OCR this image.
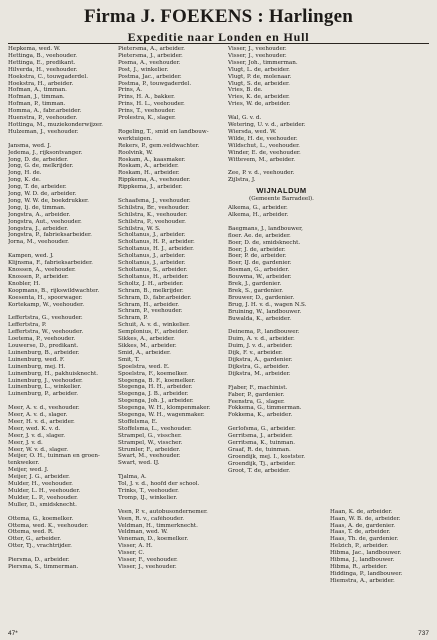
Firma J. FOEKENS : Harlingen
Expeditie naar Londen en Hull
Hepkema, wed. W.
Hettinga, B., veehouder.
Hettinga, E., predikant.
Hilverda, H., veehouder.
Hoekstra, C., touwgaderdel.
Hoekstra, H., arbeider.
Hofman, A., timman.
Hofman, J., timman.
Hofman, P., timman.
Homma, A., fabr.arbeider.
Huenstra, P., veehouder.
Hottinga, M., muziekonderwijzer.
Hulzeman, J., veehouder.
Jansma, wed. J.
Jedema, J., rijksontvanger.
Jong, D. de, arbeider.
Jong, G. de, melkrijder.
Jong, H. de.
Jong, K. de.
Jong, T. de, arbeider.
Jong, W. D. de, arbeider.
Jong, W. W. de, boekdrukker.
Jong, Ij. de, timman.
Jongstra, A., arbeider.
Jongstra, Aut., veehouder.
Jongstra, J., arbeider.
Jongstra, P., fabrieksarbeider.
Jorna, M., veehouder.
Kampen, wed. J.
Klijnsma, F., fabrieksarbeider.
Knossen, A., veehouder.
Knossen, P., arbeider.
Knobler, H.
Koopmans, B., rijkswildwachter.
Koesenta, H., spoorwager.
Kortekamp, W., veehouder.
Leffertstra, G., veehouder.
Leffertstra, P.
Leffertstra, W., veehouder.
Loetema, P., veehouder.
Louwerse, D., predikant.
Luinenburg, B., arbeider.
Luinenburg, wed. F.
Luinenburg, mej. H.
Luinenburg, H., pakhuisknecht.
Luinenburg, J., veehouder.
Luinenburg, L., winkelier.
Luinenburg, P., arbeider.
Meer, A. v. d., veehouder.
Meer, A. v. d., slager.
Meer, H. v. d., arbeider.
Meer, wed. K. v. d.
Meer, J. v. d., slager.
Meer, J. v. d.
Meer, W. v. d., slager.
Meijer, O. H., tuinman en groen-
tenkweker.
Meijer, wed. J.
Meijer, J. G., arbeider.
Mulder, H., veehouder.
Mulder, L. H., veehouder.
Mulder, L. P., veehouder.
Muller, D., smidsknecht.
Ottema, G., koemelker.
Ottema, wed. K., veehouder.
Ottema, wed. R.
Otter, G., arbeider.
Otter, Tj., vrachtrijder.
Piersma, D., arbeider.
Piersma, S., timmerman.
Pietersma, A., arbeider.
Pietersma, J., arbeider.
Posma, A., veehouder.
Post, J., winkelier.
Postma, Jac., arbeider.
Postma, P., touwgaderdel.
Prins, A.
Prins, H. A., bakker.
Prins, H. L., veehouder.
Prins, T., veehouder.
Prolestra, K., slager.
Rogeling, T., smid en landbouw-
werktuigen.
Rekers, P., gem.veldwachter.
Roolvink, W.
Roskam, A., kaasmaker.
Roskam, A., arbeider.
Roskam, H., arbeider.
Rippkema, A., veehouder.
Rippkema, J., arbeider.
Schaafsma, J., veehouder.
Schilstra, Br., veehouder.
Schilstra, K., veehouder.
Schilstra, P., veehouder.
Schilstra, W. S.
Scholtanus, J., arbeider.
Scholtanus, H. P., arbeider.
Scholtanus, H. J., arbeider.
Scholtanus, J., arbeider.
Scholtanus, J., arbeider.
Scholtanus, S., arbeider.
Scholtanus, H., arbeider.
Scholtz, J. H., arbeider.
Schram, B., melkrijder.
Schram, D., fabr.arbeider.
Schram, H., arbeider.
Schram, P., veehouder.
Schram, P.
Schuit, A. v. d., winkelier.
Semplonius, F., arbeider.
Sikkes, A., arbeider.
Sikkes, M., arbeider.
Smid, A., arbeider.
Smit, T.
Spoelstra, wed. E.
Spoelstra, F., koemelker.
Stegenga, B. F., koemelker.
Stegenga, H. H., arbeider.
Stegenga, J. B., arbeider.
Stegenga, Joh. J., arbeider.
Stegenga, W. H., klompenmaker.
Stegenga, W. H., wagenmaker.
Stoffelsma, E.
Stoffelsma, L., veehouder.
Strampel, G., visscher.
Strampel, W., visscher.
Strumler, F., arbeider.
Swart, M., veehouder.
Swart, wed. IJ.
Tjalma, A.
Tol, J. v. d., hoofd der school.
Trinks, T., veehouder.
Tromp, IJ., winkelier.
Veen, P. v., autobusondernemer.
Veen, R. v., caféhouder.
Veldman, H., timmerknecht.
Veldman, wed. W.
Veneman, D., koemelker.
Visser, A. H.
Visser, C.
Visser, F., veehouder.
Visser, J., veehouder.
Visser, J., veehouder.
Visser, J., veehouder.
Visser, Joh., timmerman.
Vlugt, L. de, arbeider.
Vlugt, P. de, molenaar.
Vlugt, S. de, arbeider.
Vries, B. de.
Vries, K. de, arbeider.
Vries, W. de, arbeider.
Wal, G. v. d.
Wetering, U. v. d., arbeider.
Wiersda, wed. W.
Wilde, H. de, veehouder.
Wildschut, L., veehouder.
Winder, E. de, veehouder.
Wittevem, M., arbeider.
Zee, P. v. d., veehouder.
Zijlstra, J.
WIJNALDUM
(Gemeente Barradeel).
Alkema, G., arbeider.
Alkema, H., arbeider.
Baegmans, J., landbouwer,
floer. Ae. de, arbeider.
Boer, D. de, smidsknecht.
Boer, J. de, arbeider.
Boer, P. de, arbeider.
Boer, IJ. de, gardenier.
Bosman, G., arbeider.
Bouwma, W., arbeider.
Brek, J., gardenier.
Brek, S., gardenier.
Brouwer, D., gardenier.
Brug, J. H. v. d., wagen N.S.
Bruining, W., landbouwer.
Buwalda, K., arbeider.
Deinema, P., landbouwer.
Duim, A. v. d., arbeider.
Duim, J. v. d., arbeider.
Dijk, F. v., arbeider.
Dijkstra, A., gardenier.
Dijkstra, G., arbeider.
Dijkstra, M., arbeider.
Fjaber, F., machinist.
Faber, P., gardenier.
Feenstra, G., slager.
Fokkema, G., timmerman.
Fokkema, K., arbeider.
Gerlofsma, G., arbeider.
Gerritsma, J., arbeider.
Gerritsma, K., tuinman.
Graaf, R. de, tuinman.
Groendijk, mej. I., kostster.
Groendijk, Tj., arbeider.
Groot, T. de, arbeider.
Haan, K. de, arbeider.
Haan, W. B. de, arbeider.
Haas, A. de, gardenier.
Haas, T. de, arbeider.
Haas, Th. de, gardenier.
Helzich, P., arbeider.
Hibma, Jac., landbouwer.
Hibma, J., landbouwer.
Hibma, R., arbeider.
Hiddinga, P., landbouwer.
Hiemstra, A., arbeider.
47*	737
